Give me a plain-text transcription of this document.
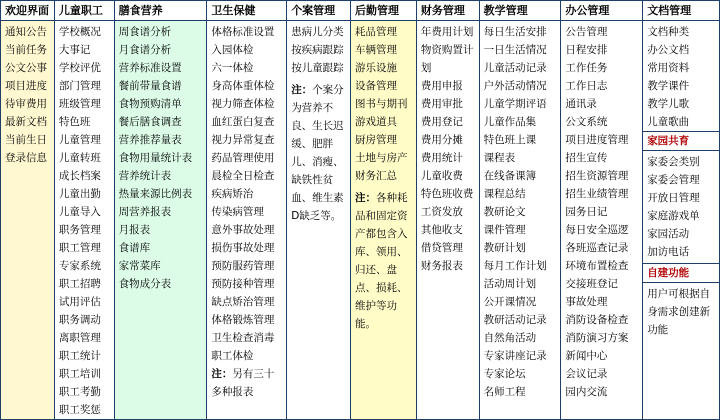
欢迎界面
通知公告
当前任务
公文公事
项目进度
待审费用
最新文档
当前生日
登录信息
儿童职工
学校概况
大事记
学校评优
部门管理
班级管理
特色班
儿童管理
儿童转班
成长档案
儿童出勤
儿童导入
职务管理
职工管理
专家系统
职工招聘
试用评估
职务调动
离职管理
职工统计
职工培训
职工考勤
职工奖惩
膳食营养
周食谱分析
月食谱分析
营养标准设置
餐前带量食谱
食物预购清单
餐后膳食调查
营养推荐量表
食物用量统计表
营养统计表
热量来源比例表
周营养报表
月报表
食谱库
家常菜库
食物成分表
卫生保健
体格标准设置
入园体检
六一体检
身高体重体检
视力筛查体检
血红蛋白复查
视力异常复查
药品管理使用
晨检全日检查
疾病矫治
传染病管理
意外事故处理
损伤事故处理
预防服药管理
预防接种管理
缺点矫治管理
体格锻炼管理
卫生检查消毒
职工体检
注：另有三十多种报表
个案管理
患病儿分类
按疾病跟踪
按儿童跟踪
注：个案分为营养不良、生长迟缓、肥胖儿、消瘦、缺铁性贫血、维生素D缺乏等。
后勤管理
耗品管理
车辆管理
游乐设施
设备管理
图书与期刊
游戏道具
厨房管理
土地与房产
财务汇总
注：各种耗品和固定资产都包含入库、领用、归还、盘点、损耗、维护等功能。
财务管理
年费用计划
物资购置计划
费用申报
费用审批
费用登记
费用分摊
费用统计
儿童收费
特色班收费
工资发放
其他收支
借贷管理
财务报表
教学管理
每日生活安排
一日生活情况
儿童活动记录
户外活动情况
儿童学期评语
儿童作品集
特色班上课
课程表
在线备课簿
课程总结
教研论文
课件管理
教研计划
每月工作计划
活动周计划
公开课情况
教研活动记录
自然角活动
专家讲座记录
专家论坛
名师工程
办公管理
公告管理
日程安排
工作任务
工作日志
通讯录
公文系统
项目进度管理
招生宣传
招生资源管理
招生业绩管理
园务日记
每日安全巡逻
各班巡查记录
环境布置检查
交接班登记
事故处理
消防设备检查
消防演习方案
新闻中心
会议记录
园内交流
文档管理
文档种类
办公文档
常用资料
教学课件
教学儿歌
儿童歌曲
家园共育
家委会类别
家委会管理
开放日管理
家庭游戏单
家园活动
加访电话
自建功能
用户可根据自身需求创建新功能
